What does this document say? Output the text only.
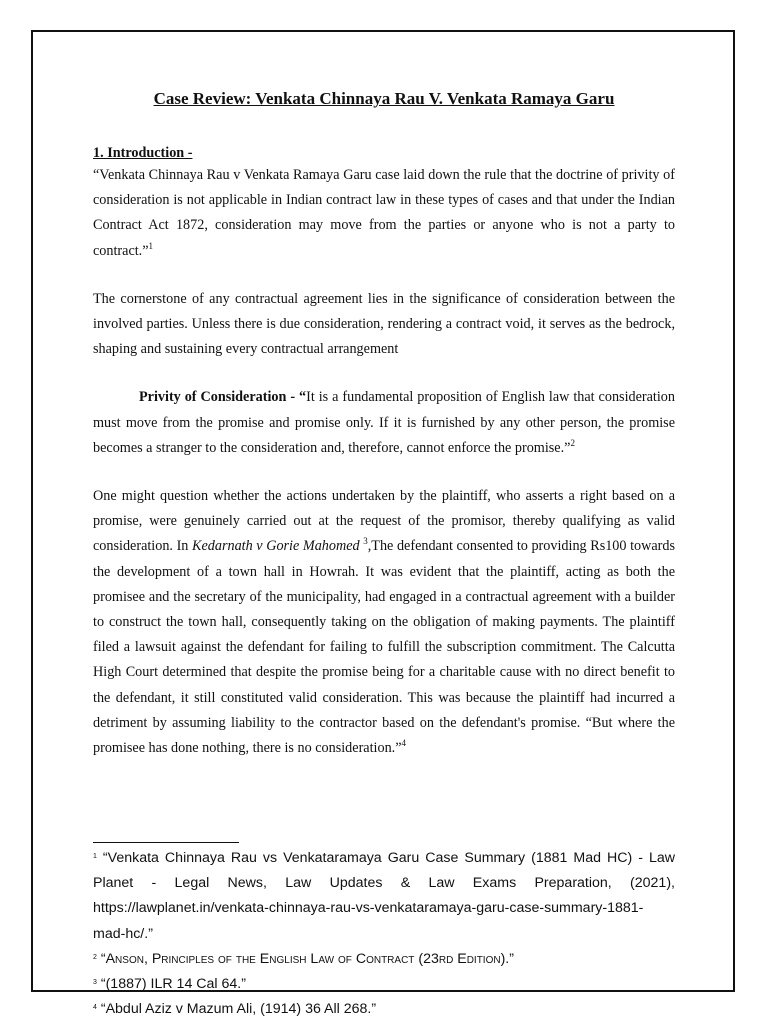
Case Review: Venkata Chinnaya Rau V. Venkata Ramaya Garu
1. Introduction -

“Venkata Chinnaya Rau v Venkata Ramaya Garu case laid down the rule that the doctrine of privity of consideration is not applicable in Indian contract law in these types of cases and that under the Indian Contract Act 1872, consideration may move from the parties or anyone who is not a party to contract.”$^1$

The cornerstone of any contractual agreement lies in the significance of consideration between the involved parties. Unless there is due consideration, rendering a contract void, it serves as the bedrock, shaping and sustaining every contractual arrangement

Privity of Consideration - “It is a fundamental proposition of English law that consideration must move from the promise and promise only. If it is furnished by any other person, the promise becomes a stranger to the consideration and, therefore, cannot enforce the promise.”$^2$

One might question whether the actions undertaken by the plaintiff, who asserts a right based on a promise, were genuinely carried out at the request of the promisor, thereby qualifying as valid consideration. In Kedarnath v Gorie Mahomed $^3$,The defendant consented to providing Rs100 towards the development of a town hall in Howrah. It was evident that the plaintiff, acting as both the promisee and the secretary of the municipality, had engaged in a contractual agreement with a builder to construct the town hall, consequently taking on the obligation of making payments. The plaintiff filed a lawsuit against the defendant for failing to fulfill the subscription commitment. The Calcutta High Court determined that despite the promise being for a charitable cause with no direct benefit to the defendant, it still constituted valid consideration. This was because the plaintiff had incurred a detriment by assuming liability to the contractor based on the defendant's promise. “But where the promisee has done nothing, there is no consideration.”$^4$

$^1$ “Venkata Chinnaya Rau vs Venkataramaya Garu Case Summary (1881 Mad HC) - Law Planet - Legal News, Law Updates & Law Exams Preparation, (2021), https://lawplanet.in/venkata-chinnaya-rau-vs-venkataramaya-garu-case-summary-1881-mad-hc/.”

$^2$ “Anson, Principles of the English Law of Contract (23rd Edition).”

$^3$ “(1887) ILR 14 Cal 64.”

$^4$ “Abdul Aziz v Mazum Ali, (1914) 36 All 268.”
